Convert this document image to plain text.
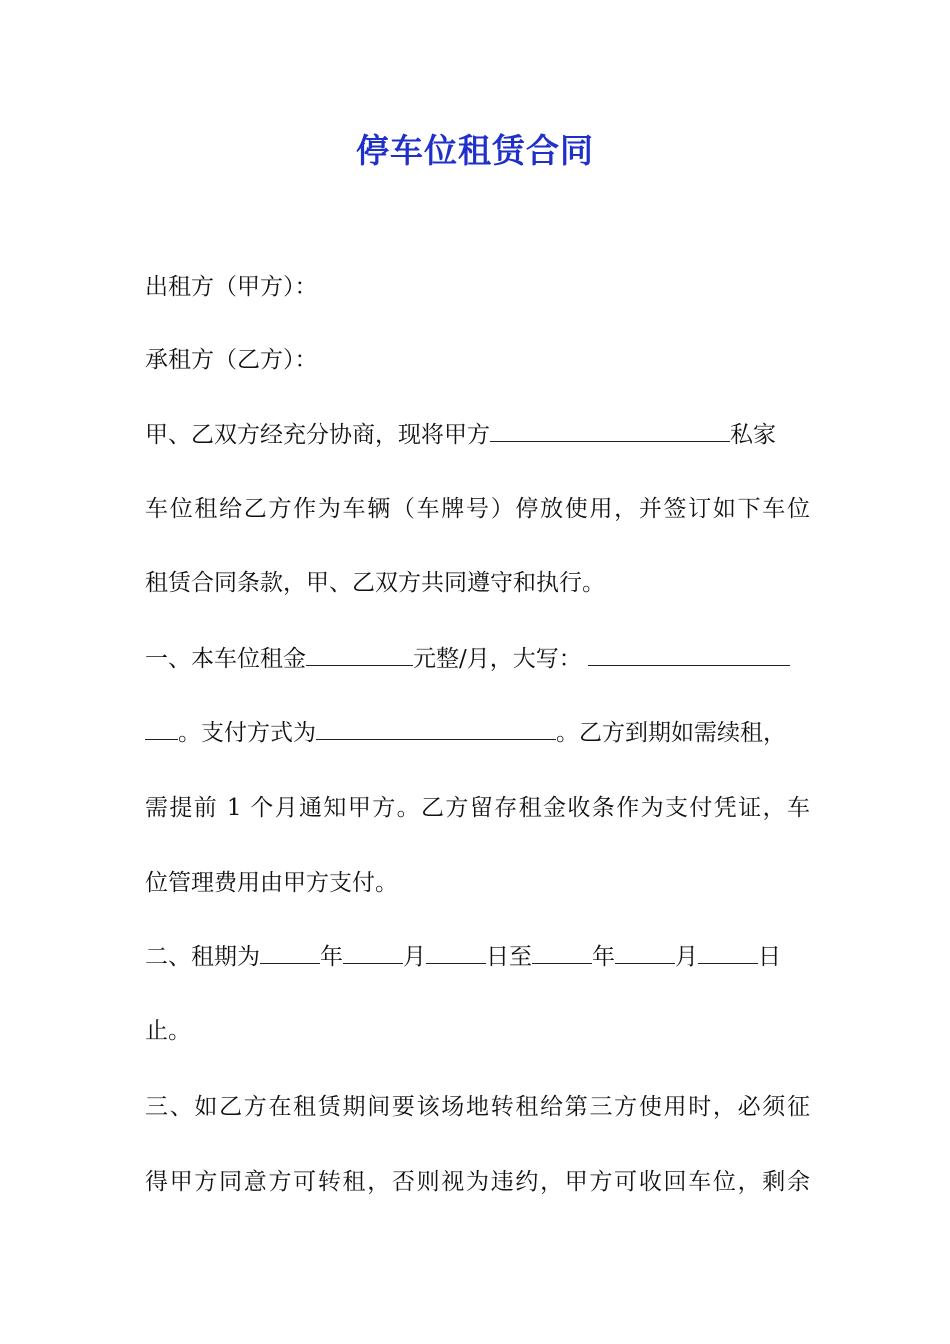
停车位租赁合同
出租方（甲方）：
承租方（乙方）：
甲、乙双方经充分协商，现将甲方	私家
车位租给乙方作为车辆（车牌号）停放使用，并签订如下车位
租赁合同条款，甲、乙双方共同遵守和执行。
一、本车位租金	元整/月，大写：
。支付方式为	。乙方到期如需续租，
需提前 1 个月通知甲方。乙方留存租金收条作为支付凭证，车
位管理费用由甲方支付。
二、租期为	年	月	日至	年	月	日
止。
三、如乙方在租赁期间要该场地转租给第三方使用时，必须征
得甲方同意方可转租，否则视为违约，甲方可收回车位，剩余
